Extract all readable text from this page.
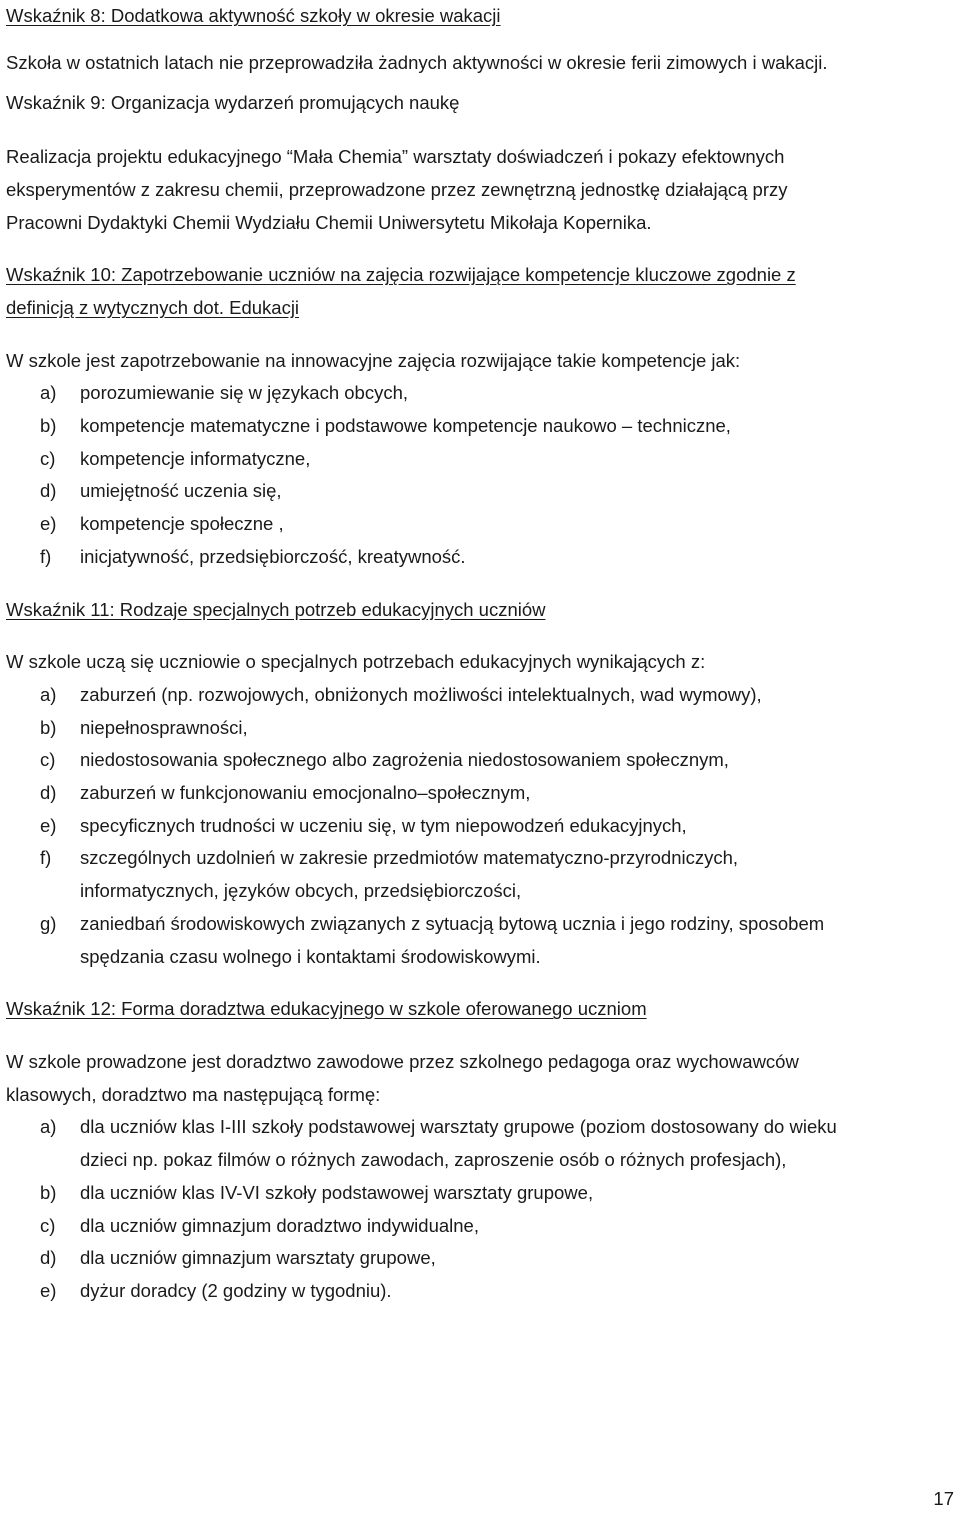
Wskaźnik 8: Dodatkowa aktywność szkoły w okresie wakacji
Szkoła w ostatnich latach nie przeprowadziła żadnych aktywności w okresie ferii zimowych i wakacji.
Wskaźnik 9: Organizacja wydarzeń promujących naukę
Realizacja projektu edukacyjnego “Mała Chemia” warsztaty doświadczeń i pokazy efektownych
eksperymentów z zakresu chemii, przeprowadzone przez zewnętrzną jednostkę działającą przy
Pracowni Dydaktyki Chemii Wydziału Chemii Uniwersytetu Mikołaja Kopernika.
Wskaźnik 10: Zapotrzebowanie uczniów na zajęcia rozwijające kompetencje kluczowe zgodnie z
definicją z wytycznych dot. Edukacji
W szkole jest zapotrzebowanie na innowacyjne zajęcia rozwijające takie kompetencje jak:
a) porozumiewanie się w językach obcych,
b) kompetencje matematyczne i podstawowe kompetencje naukowo – techniczne,
c) kompetencje informatyczne,
d) umiejętność uczenia się,
e) kompetencje społeczne ,
f) inicjatywność, przedsiębiorczość, kreatywność.
Wskaźnik 11: Rodzaje specjalnych potrzeb edukacyjnych uczniów
W szkole uczą się uczniowie o specjalnych potrzebach edukacyjnych wynikających z:
a) zaburzeń (np. rozwojowych, obniżonych możliwości intelektualnych, wad wymowy),
b) niepełnosprawności,
c) niedostosowania społecznego albo zagrożenia niedostosowaniem społecznym,
d) zaburzeń w funkcjonowaniu emocjonalno–społecznym,
e) specyficznych trudności w uczeniu się, w tym niepowodzeń edukacyjnych,
f) szczególnych uzdolnień w zakresie przedmiotów matematyczno-przyrodniczych,
informatycznych, języków obcych, przedsiębiorczości,
g) zaniedbań środowiskowych związanych z sytuacją bytową ucznia i jego rodziny, sposobem
spędzania czasu wolnego i kontaktami środowiskowymi.
Wskaźnik 12: Forma doradztwa edukacyjnego w szkole oferowanego uczniom
W szkole prowadzone jest doradztwo zawodowe przez szkolnego pedagoga oraz wychowawców
klasowych, doradztwo ma następującą formę:
a) dla uczniów klas I-III szkoły podstawowej warsztaty grupowe (poziom dostosowany do wieku
dzieci np. pokaz filmów o różnych zawodach, zaproszenie osób o różnych profesjach),
b) dla uczniów klas IV-VI szkoły podstawowej warsztaty grupowe,
c) dla uczniów gimnazjum doradztwo indywidualne,
d) dla uczniów gimnazjum warsztaty grupowe,
e) dyżur doradcy (2 godziny w tygodniu).
17
